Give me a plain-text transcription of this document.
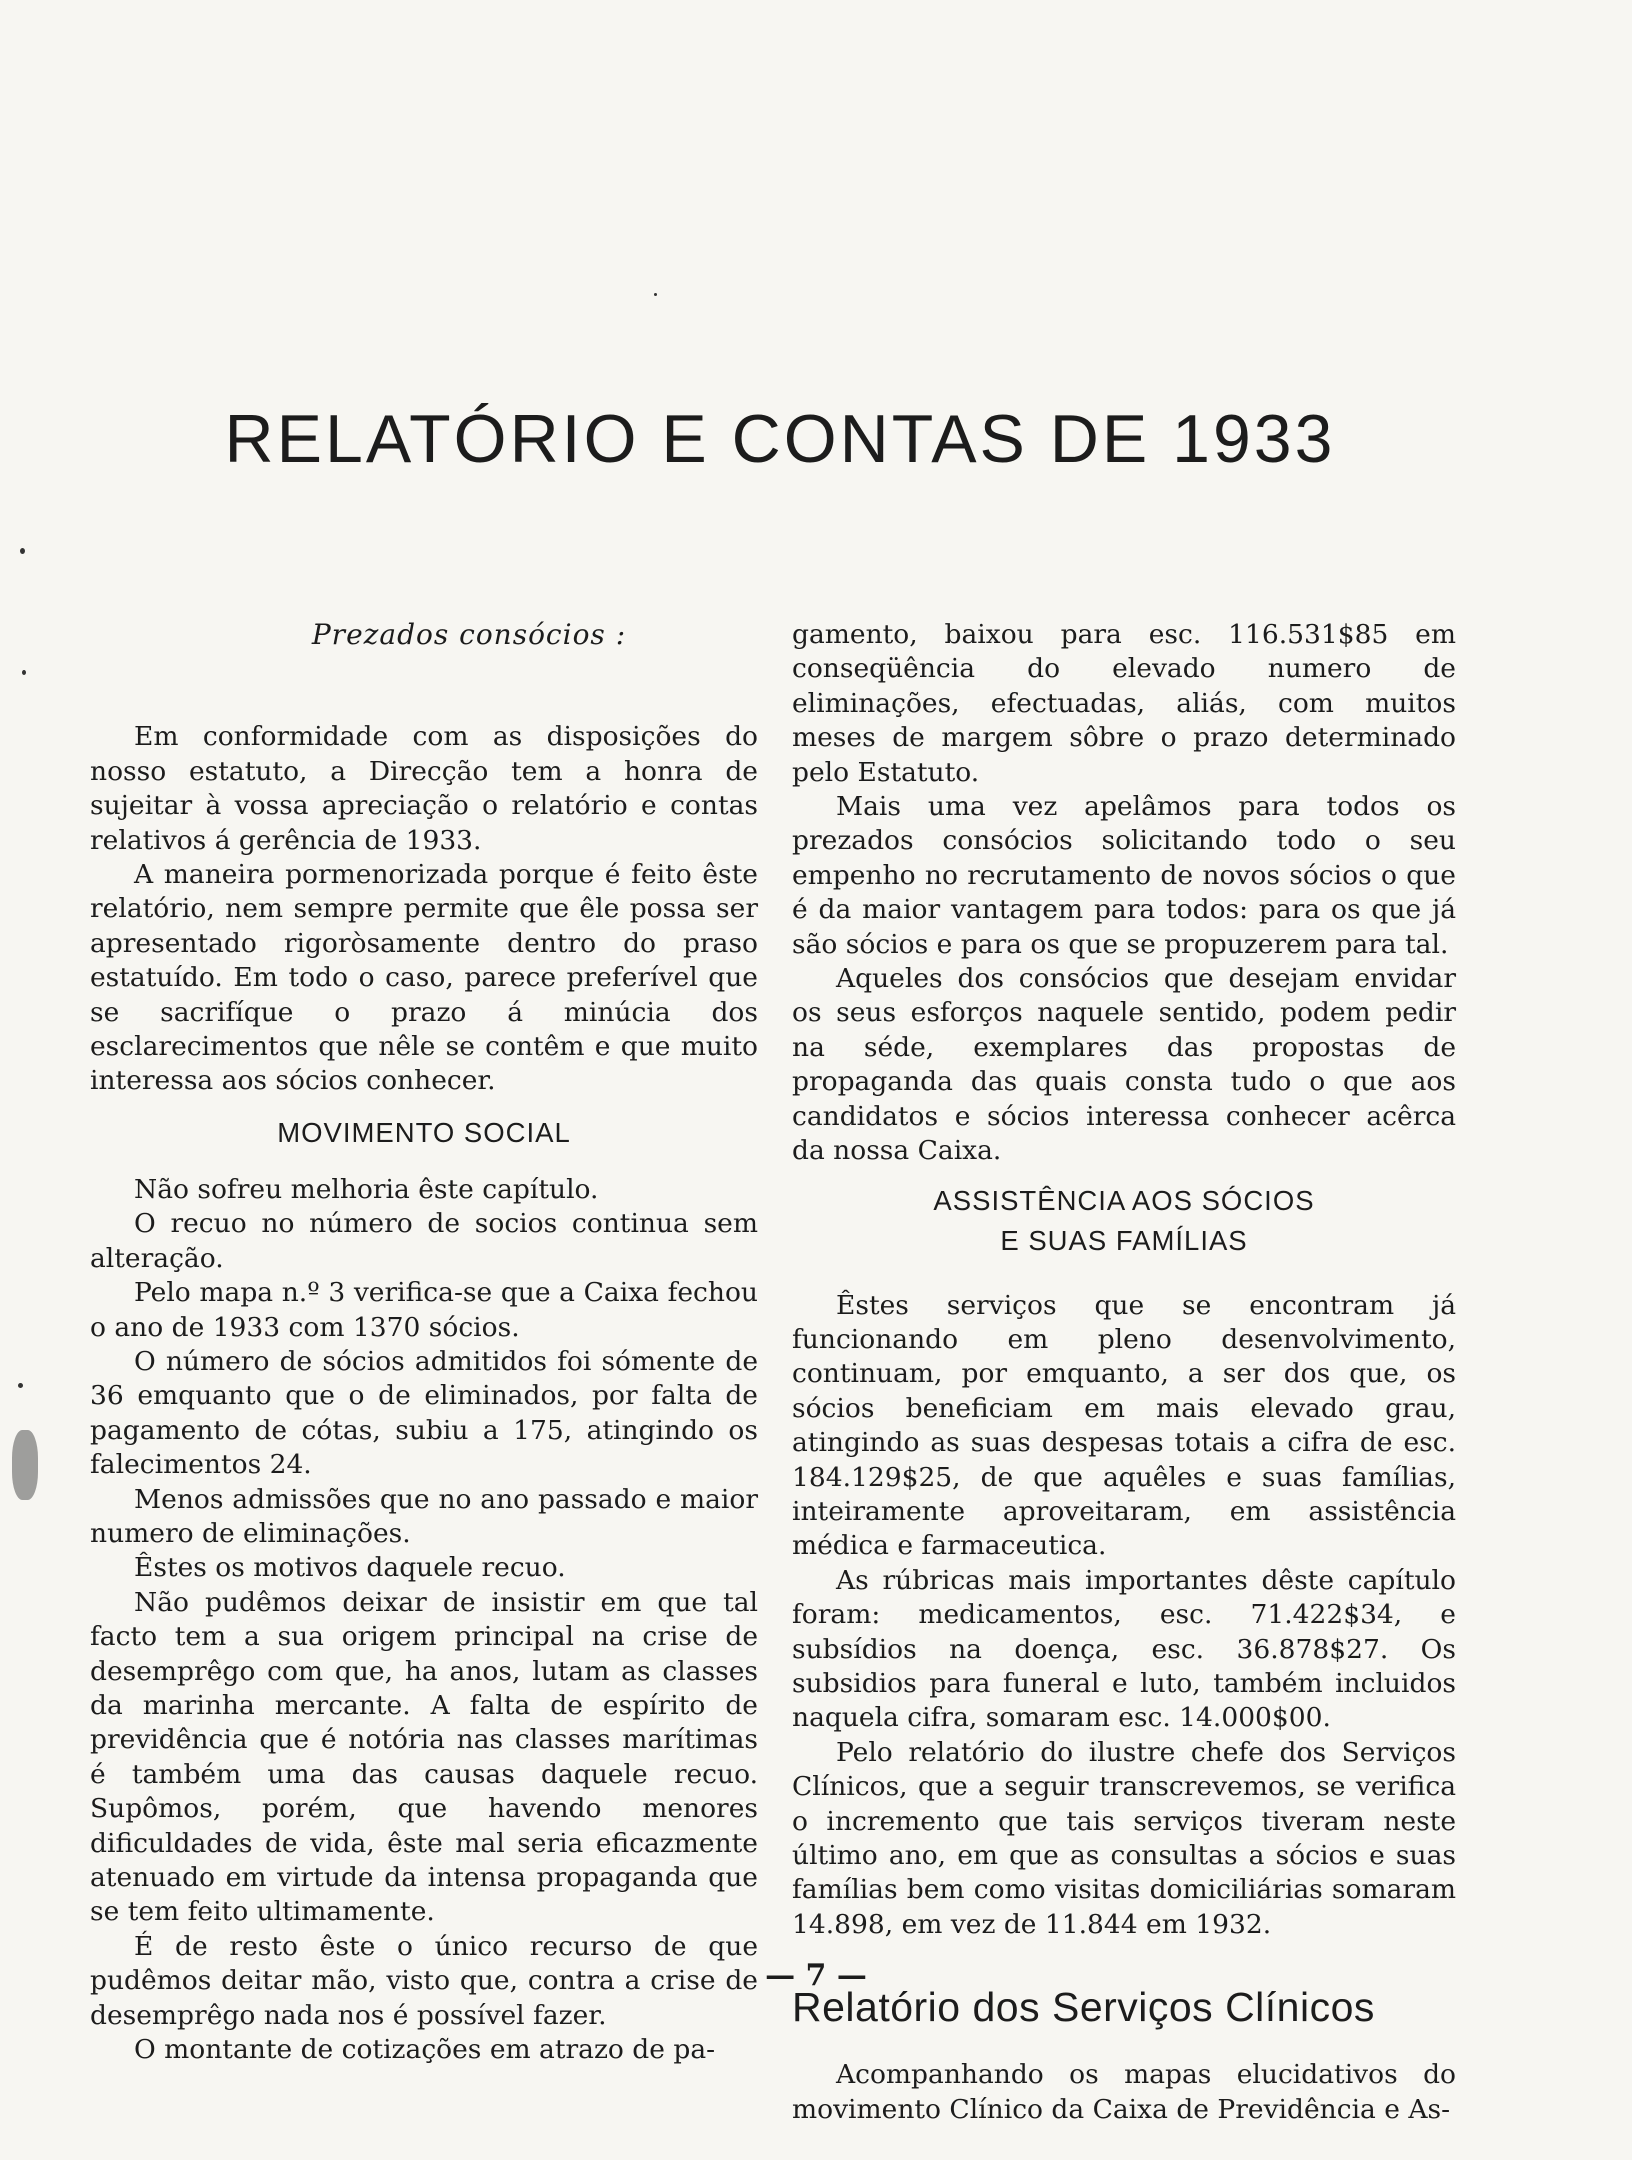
RELATÓRIO E CONTAS DE 1933
Prezados consócios :

Em conformidade com as disposições do nosso estatuto, a Direcção tem a honra de sujeitar à vossa apreciação o relatório e contas relativos á gerência de 1933.

A maneira pormenorizada porque é feito êste relatório, nem sempre permite que êle possa ser apresentado rigoròsamente dentro do praso estatuído. Em todo o caso, parece preferível que se sacrifíque o prazo á minúcia dos esclarecimentos que nêle se contêm e que muito interessa aos sócios conhecer.

MOVIMENTO SOCIAL

Não sofreu melhoria êste capítulo.

O recuo no número de socios continua sem alteração.

Pelo mapa n.º 3 verifica-se que a Caixa fechou o ano de 1933 com 1370 sócios.

O número de sócios admitidos foi sómente de 36 emquanto que o de eliminados, por falta de pagamento de cótas, subiu a 175, atingindo os falecimentos 24.

Menos admissões que no ano passado e maior numero de eliminações.

Êstes os motivos daquele recuo.

Não pudêmos deixar de insistir em que tal facto tem a sua origem principal na crise de desemprêgo com que, ha anos, lutam as classes da marinha mercante. A falta de espírito de previdência que é notória nas classes marítimas é também uma das causas daquele recuo. Supômos, porém, que havendo menores dificuldades de vida, êste mal seria eficazmente atenuado em virtude da intensa propaganda que se tem feito ultimamente.

É de resto êste o único recurso de que pudêmos deitar mão, visto que, contra a crise de desemprêgo nada nos é possível fazer.

O montante de cotizações em atrazo de pa-

gamento, baixou para esc. 116.531$85 em conseqüência do elevado numero de eliminações, efectuadas, aliás, com muitos meses de margem sôbre o prazo determinado pelo Estatuto.

Mais uma vez apelâmos para todos os prezados consócios solicitando todo o seu empenho no recrutamento de novos sócios o que é da maior vantagem para todos: para os que já são sócios e para os que se propuzerem para tal.

Aqueles dos consócios que desejam envidar os seus esforços naquele sentido, podem pedir na séde, exemplares das propostas de propaganda das quais consta tudo o que aos candidatos e sócios interessa conhecer acêrca da nossa Caixa.

ASSISTÊNCIA AOS SÓCIOS
E SUAS FAMÍLIAS

Êstes serviços que se encontram já funcionando em pleno desenvolvimento, continuam, por emquanto, a ser dos que, os sócios beneficiam em mais elevado grau, atingindo as suas despesas totais a cifra de esc. 184.129$25, de que aquêles e suas famílias, inteiramente aproveitaram, em assistência médica e farmaceutica.

As rúbricas mais importantes dêste capítulo foram: medicamentos, esc. 71.422$34, e subsídios na doença, esc. 36.878$27. Os subsidios para funeral e luto, também incluidos naquela cifra, somaram esc. 14.000$00.

Pelo relatório do ilustre chefe dos Serviços Clínicos, que a seguir transcrevemos, se verifica o incremento que tais serviços tiveram neste último ano, em que as consultas a sócios e suas famílias bem como visitas domiciliárias somaram 14.898, em vez de 11.844 em 1932.

Relatório dos Serviços Clínicos

Acompanhando os mapas elucidativos do movimento Clínico da Caixa de Previdência e As-

— 7 —
